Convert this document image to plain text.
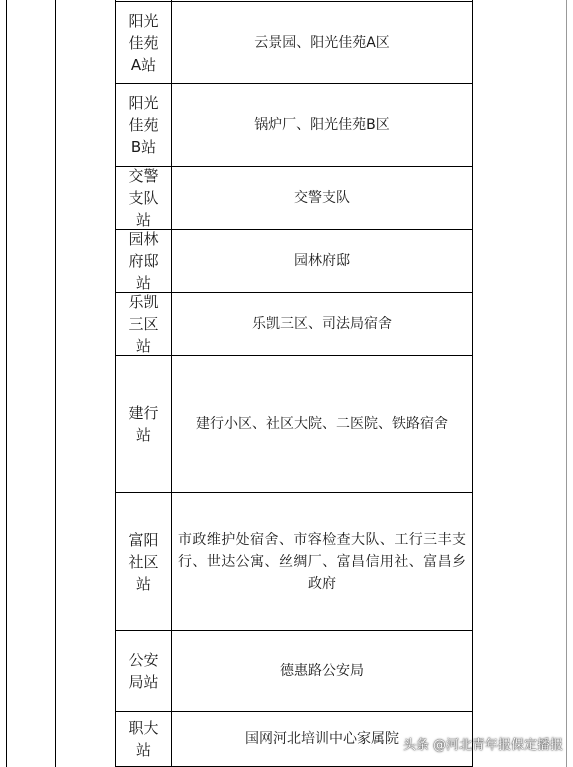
阳光佳苑A站
云景园、阳光佳苑A区
阳光佳苑B站
锅炉厂、阳光佳苑B区
交警支队站
交警支队
园林府邸站
园林府邸
乐凯三区站
乐凯三区、司法局宿舍
建行站
建行小区、社区大院、二医院、铁路宿舍
富阳社区站
市政维护处宿舍、市容检查大队、工行三丰支行、世达公寓、丝绸厂、富昌信用社、富昌乡政府
公安局站
德惠路公安局
职大站
国网河北培训中心家属院 头条 @河北青年报保定播报
